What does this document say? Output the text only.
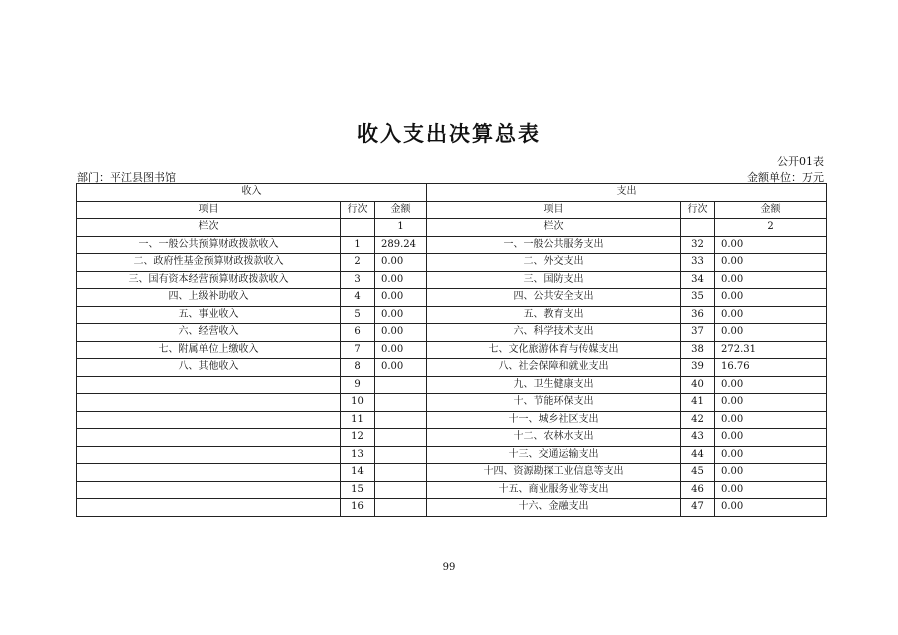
收入支出决算总表
公开01表
部门：平江县图书馆	金额单位：万元
收入			支出		
项目	行次	金额	项目	行次	金额
栏次		1	栏次		2
一、一般公共预算财政拨款收入	1	289.24	一、一般公共服务支出	32	0.00
二、政府性基金预算财政拨款收入	2	0.00	二、外交支出	33	0.00
三、国有资本经营预算财政拨款收入	3	0.00	三、国防支出	34	0.00
四、上级补助收入	4	0.00	四、公共安全支出	35	0.00
五、事业收入	5	0.00	五、教育支出	36	0.00
六、经营收入	6	0.00	六、科学技术支出	37	0.00
七、附属单位上缴收入	7	0.00	七、文化旅游体育与传媒支出	38	272.31
八、其他收入	8	0.00	八、社会保障和就业支出	39	16.76
	9		九、卫生健康支出	40	0.00
	10		十、节能环保支出	41	0.00
	11		十一、城乡社区支出	42	0.00
	12		十二、农林水支出	43	0.00
	13		十三、交通运输支出	44	0.00
	14		十四、资源勘探工业信息等支出	45	0.00
	15		十五、商业服务业等支出	46	0.00
	16		十六、金融支出	47	0.00
99
